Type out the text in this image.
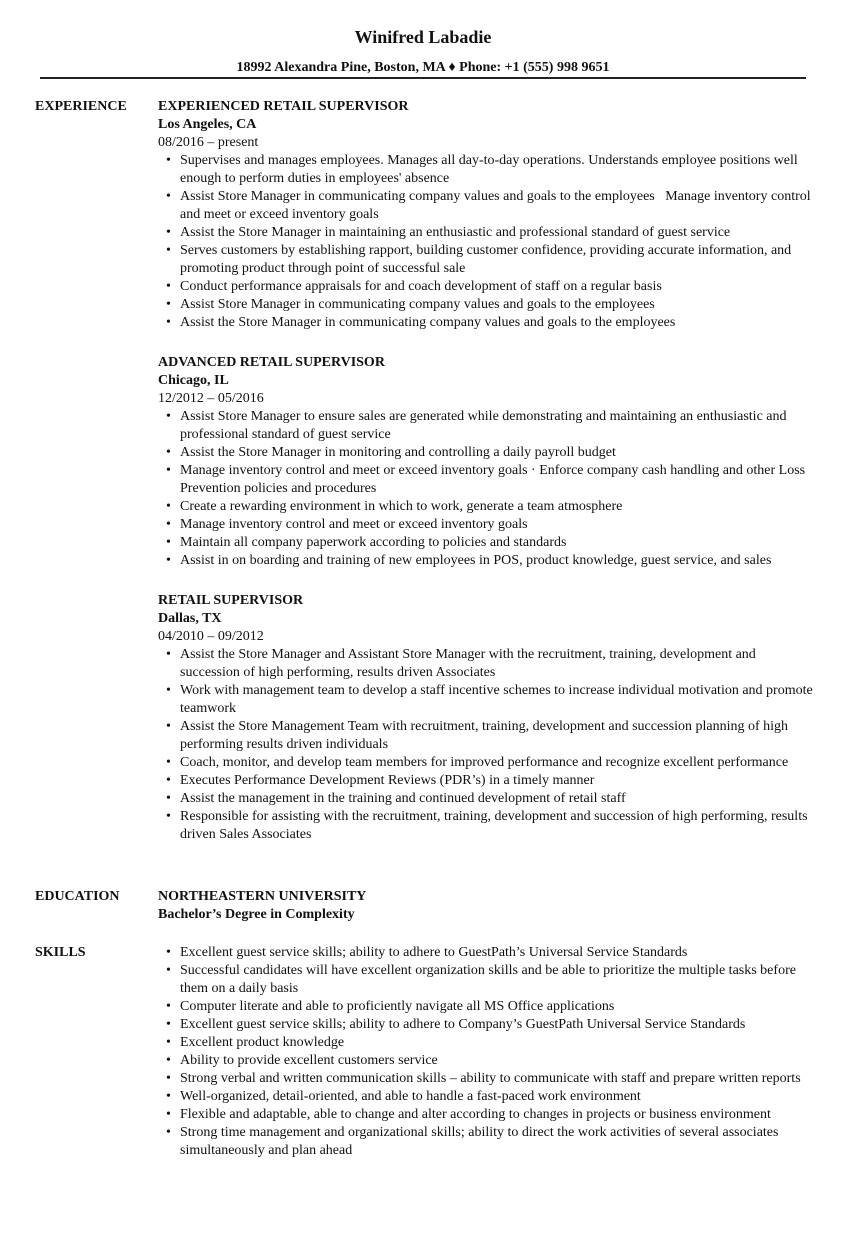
Winifred Labadie
18992 Alexandra Pine, Boston, MA ♦ Phone: +1 (555) 998 9651
EXPERIENCE EXPERIENCED RETAIL SUPERVISOR
Los Angeles, CA
08/2016 – present
• Supervises and manages employees. Manages all day-to-day operations. Understands employee positions well enough to perform duties in employees' absence
• Assist Store Manager in communicating company values and goals to the employees   Manage inventory control and meet or exceed inventory goals
• Assist the Store Manager in maintaining an enthusiastic and professional standard of guest service
• Serves customers by establishing rapport, building customer confidence, providing accurate information, and promoting product through point of successful sale
• Conduct performance appraisals for and coach development of staff on a regular basis
• Assist Store Manager in communicating company values and goals to the employees
• Assist the Store Manager in communicating company values and goals to the employees
ADVANCED RETAIL SUPERVISOR
Chicago, IL
12/2012 – 05/2016
• Assist Store Manager to ensure sales are generated while demonstrating and maintaining an enthusiastic and professional standard of guest service
• Assist the Store Manager in monitoring and controlling a daily payroll budget
• Manage inventory control and meet or exceed inventory goals · Enforce company cash handling and other Loss Prevention policies and procedures
• Create a rewarding environment in which to work, generate a team atmosphere
• Manage inventory control and meet or exceed inventory goals
• Maintain all company paperwork according to policies and standards
• Assist in on boarding and training of new employees in POS, product knowledge, guest service, and sales
RETAIL SUPERVISOR
Dallas, TX
04/2010 – 09/2012
• Assist the Store Manager and Assistant Store Manager with the recruitment, training, development and succession of high performing, results driven Associates
• Work with management team to develop a staff incentive schemes to increase individual motivation and promote teamwork
• Assist the Store Management Team with recruitment, training, development and succession planning of high performing results driven individuals
• Coach, monitor, and develop team members for improved performance and recognize excellent performance
• Executes Performance Development Reviews (PDR’s) in a timely manner
• Assist the management in the training and continued development of retail staff
• Responsible for assisting with the recruitment, training, development and succession of high performing, results driven Sales Associates
EDUCATION	NORTHEASTERN UNIVERSITY
Bachelor’s Degree in Complexity
SKILLS
•	Excellent guest service skills; ability to adhere to GuestPath’s Universal Service Standards
• Successful candidates will have excellent organization skills and be able to prioritize the multiple tasks before them on a daily basis
• Computer literate and able to proficiently navigate all MS Office applications
• Excellent guest service skills; ability to adhere to Company’s GuestPath Universal Service Standards
• Excellent product knowledge
• Ability to provide excellent customers service
• Strong verbal and written communication skills – ability to communicate with staff and prepare written reports
• Well-organized, detail-oriented, and able to handle a fast-paced work environment
• Flexible and adaptable, able to change and alter according to changes in projects or business environment
• Strong time management and organizational skills; ability to direct the work activities of several associates simultaneously and plan ahead
